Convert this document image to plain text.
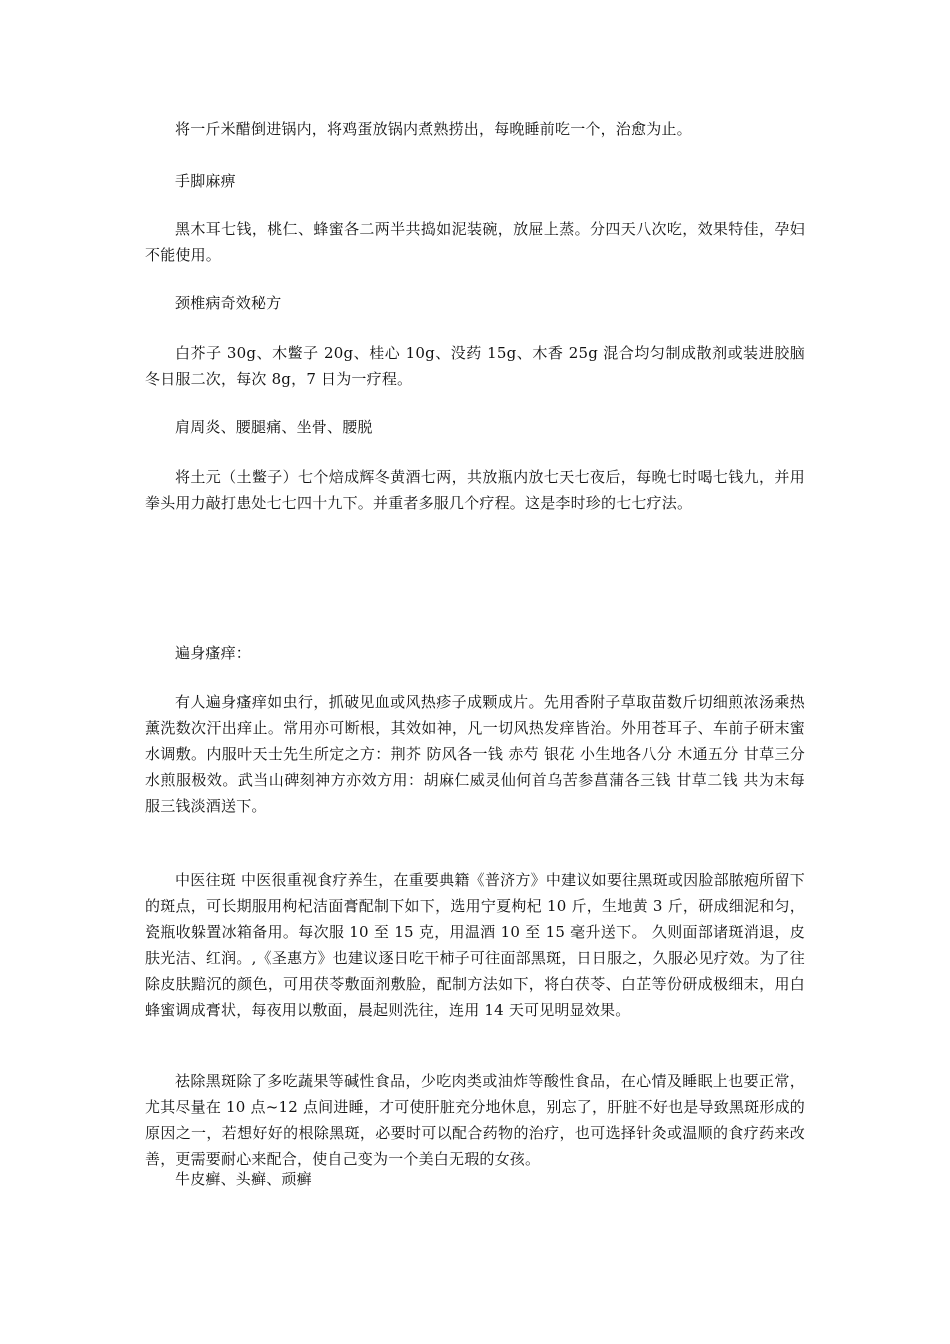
将一斤米醋倒进锅内，将鸡蛋放锅内煮熟捞出，每晚睡前吃一个，治愈为止。

手脚麻痹

黑木耳七钱，桃仁、蜂蜜各二两半共捣如泥装碗，放屉上蒸。分四天八次吃，效果特佳，孕妇不能使用。

颈椎病奇效秘方

白芥子 30g、木鳖子 20g、桂心 10g、没药 15g、木香 25g 混合均匀制成散剂或装进胶脑冬日服二次，每次 8g，7 日为一疗程。

肩周炎、腰腿痛、坐骨、腰脱

将土元（土鳖子）七个焙成辉冬黄酒七两，共放瓶内放七天七夜后，每晚七时喝七钱九，并用拳头用力敲打患处七七四十九下。并重者多服几个疗程。这是李时珍的七七疗法。

遍身瘙痒：

有人遍身瘙痒如虫行，抓破见血或风热疹子成颗成片。先用香附子草取苗数斤切细煎浓汤乘热薰洗数次汗出痒止。常用亦可断根，其效如神，凡一切风热发痒皆治。外用苍耳子、车前子研末蜜水调敷。内服叶天士先生所定之方：荆芥 防风各一钱 赤芍 银花 小生地各八分 木通五分 甘草三分 水煎服极效。武当山碑刻神方亦效方用：胡麻仁威灵仙何首乌苦参菖蒲各三钱 甘草二钱 共为末每服三钱淡酒送下。

中医往斑 中医很重视食疗养生，在重要典籍《普济方》中建议如要往黑斑或因脸部脓疱所留下的斑点，可长期服用枸杞洁面膏配制下如下，选用宁夏枸杞 10 斤，生地黄 3 斤，研成细泥和匀，瓷瓶收躲置冰箱备用。每次服 10 至 15 克，用温酒 10 至 15 毫升送下。 久则面部诸斑消退，皮肤光洁、红润。,《圣惠方》也建议逐日吃干柿子可往面部黑斑，日日服之，久服必见疗效。为了往除皮肤黯沉的颜色，可用茯苓敷面剂敷脸，配制方法如下，将白茯苓、白芷等份研成极细末，用白蜂蜜调成膏状，每夜用以敷面，晨起则洗往，连用 14 天可见明显效果。

祛除黑斑除了多吃蔬果等碱性食品，少吃肉类或油炸等酸性食品，在心情及睡眠上也要正常，尤其尽量在 10 点~12 点间进睡，才可使肝脏充分地休息，别忘了，肝脏不好也是导致黑斑形成的原因之一，若想好好的根除黑斑，必要时可以配合药物的治疗，也可选择针灸或温顺的食疗药来改善，更需要耐心来配合，使自己变为一个美白无瑕的女孩。

牛皮癣、头癣、顽癣
